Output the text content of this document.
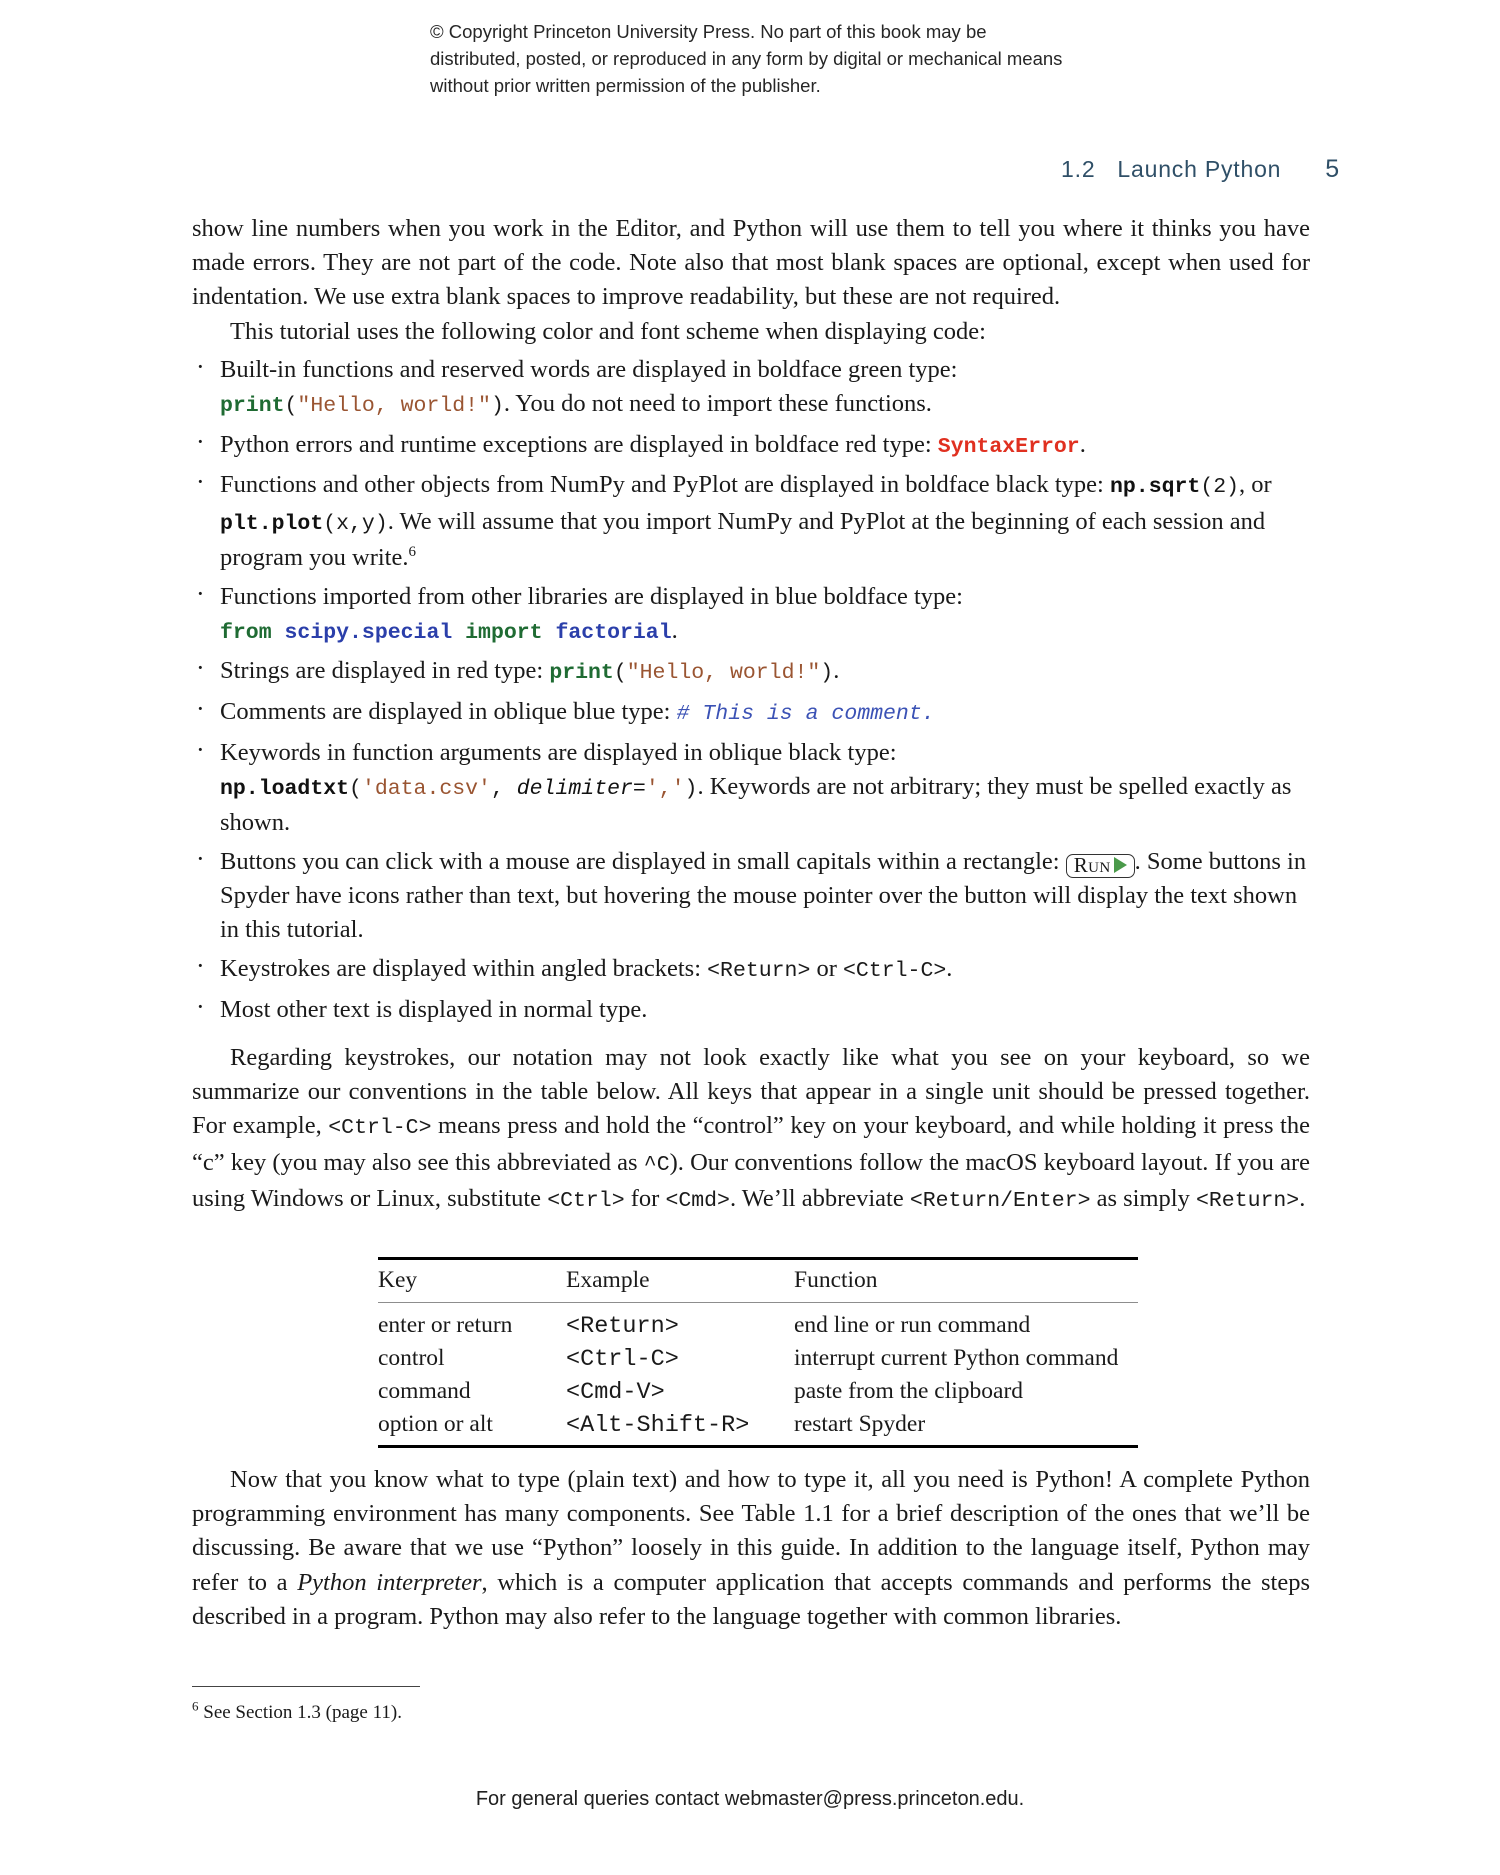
© Copyright Princeton University Press. No part of this book may be distributed, posted, or reproduced in any form by digital or mechanical means without prior written permission of the publisher.
1.2 Launch Python 5

show line numbers when you work in the Editor, and Python will use them to tell you where it thinks you have made errors. They are not part of the code. Note also that most blank spaces are optional, except when used for indentation. We use extra blank spaces to improve readability, but these are not required.

This tutorial uses the following color and font scheme when displaying code:

· Built-in functions and reserved words are displayed in boldface green type:
print("Hello, world!"). You do not need to import these functions.
· Python errors and runtime exceptions are displayed in boldface red type: SyntaxError.
· Functions and other objects from NumPy and PyPlot are displayed in boldface black type: np.sqrt(2), or plt.plot(x,y). We will assume that you import NumPy and PyPlot at the beginning of each session and program you write.$^6$
· Functions imported from other libraries are displayed in blue boldface type:
from scipy.special import factorial.
· Strings are displayed in red type: print("Hello, world!").
· Comments are displayed in oblique blue type: # This is a comment.
· Keywords in function arguments are displayed in oblique black type:
np.loadtxt('data.csv', delimiter=','). Keywords are not arbitrary; they must be spelled exactly as shown.
· Buttons you can click with a mouse are displayed in small capitals within a rectangle: Run . Some buttons in Spyder have icons rather than text, but hovering the mouse pointer over the button will display the text shown in this tutorial.
· Keystrokes are displayed within angled brackets: <Return> or <Ctrl-C>.
· Most other text is displayed in normal type.

Regarding keystrokes, our notation may not look exactly like what you see on your keyboard, so we summarize our conventions in the table below. All keys that appear in a single unit should be pressed together. For example, <Ctrl-C> means press and hold the “control” key on your keyboard, and while holding it press the “c” key (you may also see this abbreviated as ^C). Our conventions follow the macOS keyboard layout. If you are using Windows or Linux, substitute <Ctrl> for <Cmd>. We’ll abbreviate <Return/Enter> as simply <Return>.

Key	Example	Function
enter or return	<Return>	end line or run command
control	<Ctrl-C>	interrupt current Python command
command	<Cmd-V>	paste from the clipboard
option or alt	<Alt-Shift-R>	restart Spyder

Now that you know what to type (plain text) and how to type it, all you need is Python! A complete Python programming environment has many components. See Table 1.1 for a brief description of the ones that we’ll be discussing. Be aware that we use “Python” loosely in this guide. In addition to the language itself, Python may refer to a Python interpreter, which is a computer application that accepts commands and performs the steps described in a program. Python may also refer to the language together with common libraries.

$^6$ See Section 1.3 (page 11).
For general queries contact webmaster@press.princeton.edu.
